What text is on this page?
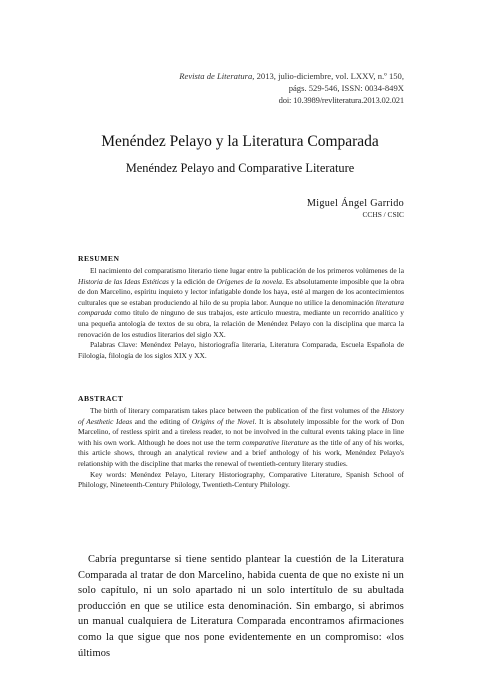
Revista de Literatura, 2013, julio-diciembre, vol. LXXV, n.º 150,
págs. 529-546, ISSN: 0034-849X
doi: 10.3989/revliteratura.2013.02.021
Menéndez Pelayo y la Literatura Comparada
Menéndez Pelayo and Comparative Literature
Miguel Ángel Garrido
CCHS / CSIC
RESUMEN

El nacimiento del comparatismo literario tiene lugar entre la publicación de los primeros volúmenes de la Historia de las Ideas Estéticas y la edición de Orígenes de la novela. Es absolutamente imposible que la obra de don Marcelino, espíritu inquieto y lector infatigable donde los haya, esté al margen de los acontecimientos culturales que se estaban produciendo al hilo de su propia labor. Aunque no utilice la denominación literatura comparada como título de ninguno de sus trabajos, este artículo muestra, mediante un recorrido analítico y una pequeña antología de textos de su obra, la relación de Menéndez Pelayo con la disciplina que marca la renovación de los estudios literarios del siglo XX.

Palabras Clave: Menéndez Pelayo, historiografía literaria, Literatura Comparada, Escuela Española de Filología, filología de los siglos XIX y XX.

ABSTRACT

The birth of literary comparatism takes place between the publication of the first volumes of the History of Aesthetic Ideas and the editing of Origins of the Novel. It is absolutely impossible for the work of Don Marcelino, of restless spirit and a tireless reader, to not be involved in the cultural events taking place in line with his own work. Although he does not use the term comparative literature as the title of any of his works, this article shows, through an analytical review and a brief anthology of his work, Menéndez Pelayo's relationship with the discipline that marks the renewal of twentieth-century literary studies.

Key words: Menéndez Pelayo, Literary Historiography, Comparative Literature, Spanish School of Philology, Nineteenth-Century Philology, Twentieth-Century Philology.

Cabría preguntarse si tiene sentido plantear la cuestión de la Literatura Comparada al tratar de don Marcelino, habida cuenta de que no existe ni un solo capítulo, ni un solo apartado ni un solo intertítulo de su abultada producción en que se utilice esta denominación. Sin embargo, si abrimos un manual cualquiera de Literatura Comparada encontramos afirmaciones como la que sigue que nos pone evidentemente en un compromiso: «los últimos
